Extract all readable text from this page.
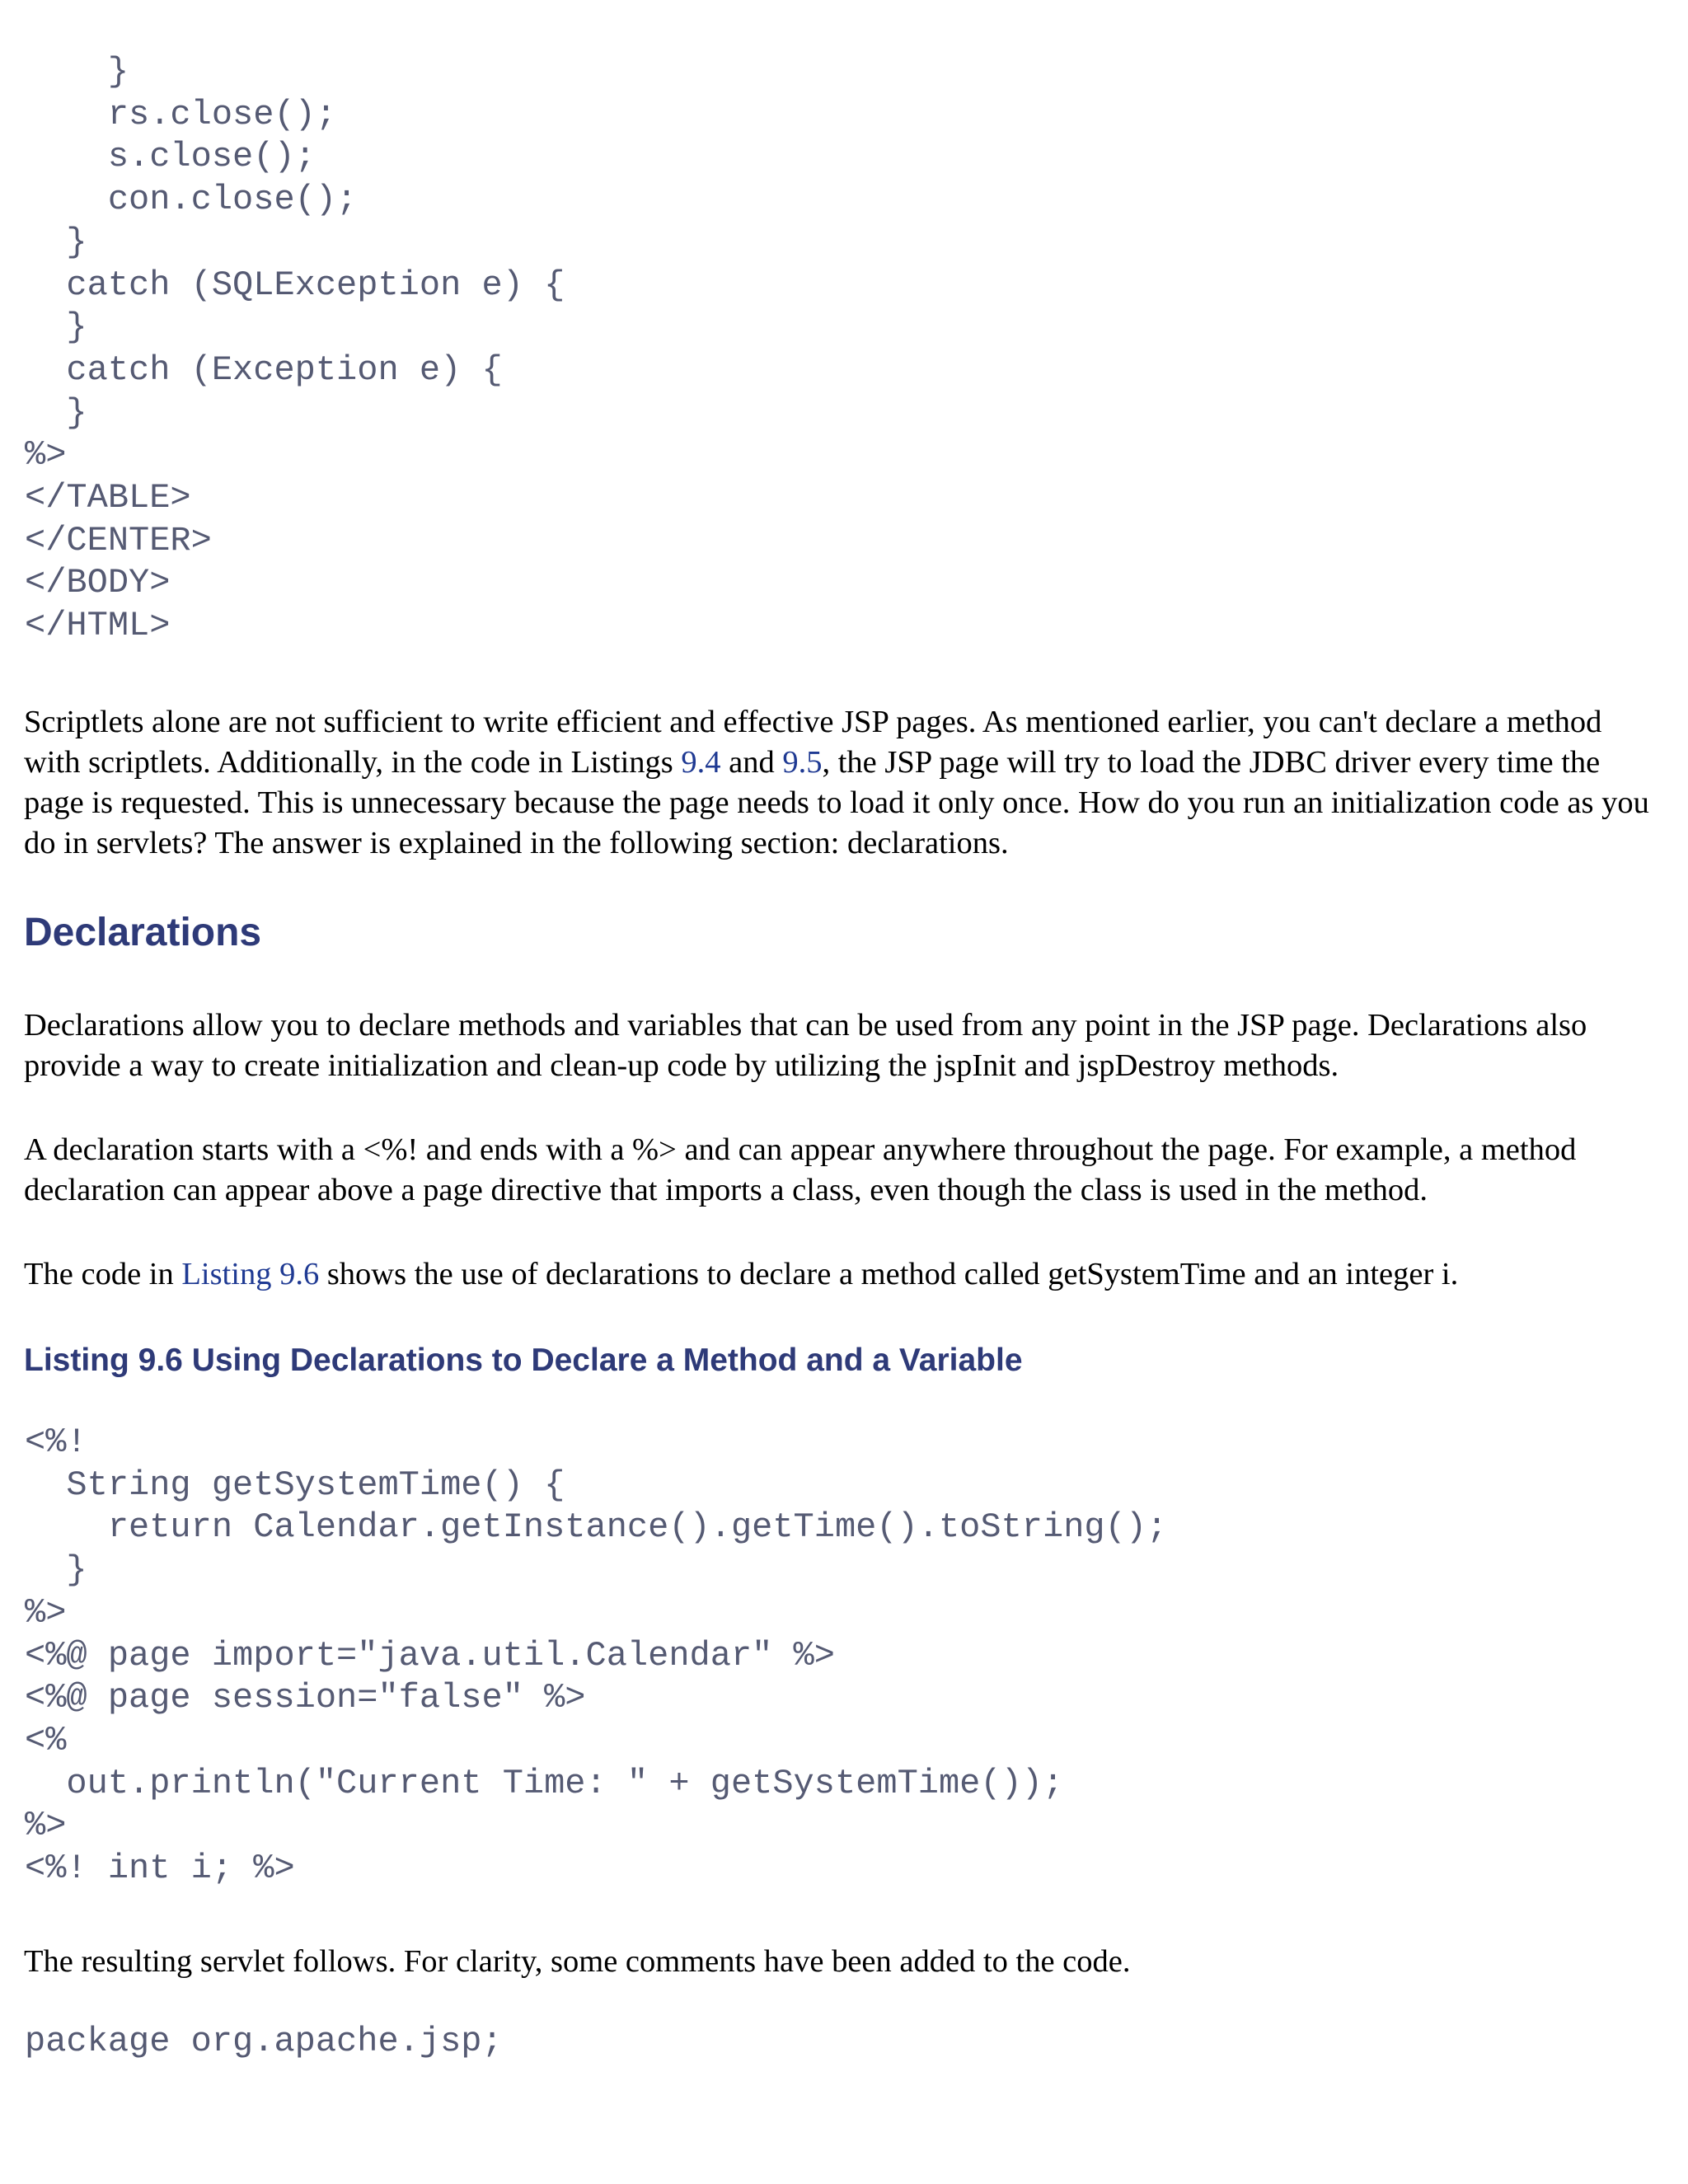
}
rs.close();
s.close();
con.close();
}
catch (SQLException e) {
}
catch (Exception e) {
}
%>
</TABLE>
</CENTER>
</BODY>
</HTML>

Scriptlets alone are not sufficient to write efficient and effective JSP pages. As mentioned earlier, you can't declare a method with scriptlets. Additionally, in the code in Listings 9.4 and 9.5, the JSP page will try to load the JDBC driver every time the page is requested. This is unnecessary because the page needs to load it only once. How do you run an initialization code as you do in servlets? The answer is explained in the following section: declarations.

Declarations

Declarations allow you to declare methods and variables that can be used from any point in the JSP page. Declarations also provide a way to create initialization and clean-up code by utilizing the jspInit and jspDestroy methods.

A declaration starts with a <%! and ends with a %> and can appear anywhere throughout the page. For example, a method declaration can appear above a page directive that imports a class, even though the class is used in the method.

The code in Listing 9.6 shows the use of declarations to declare a method called getSystemTime and an integer i.

Listing 9.6 Using Declarations to Declare a Method and a Variable
<%!
String getSystemTime() {
return Calendar.getInstance().getTime().toString();
}
%>
<%@ page import="java.util.Calendar" %>
<%@ page session="false" %>
<%
out.println("Current Time: " + getSystemTime());
%>
<%! int i; %>

The resulting servlet follows. For clarity, some comments have been added to the code.

package org.apache.jsp;
